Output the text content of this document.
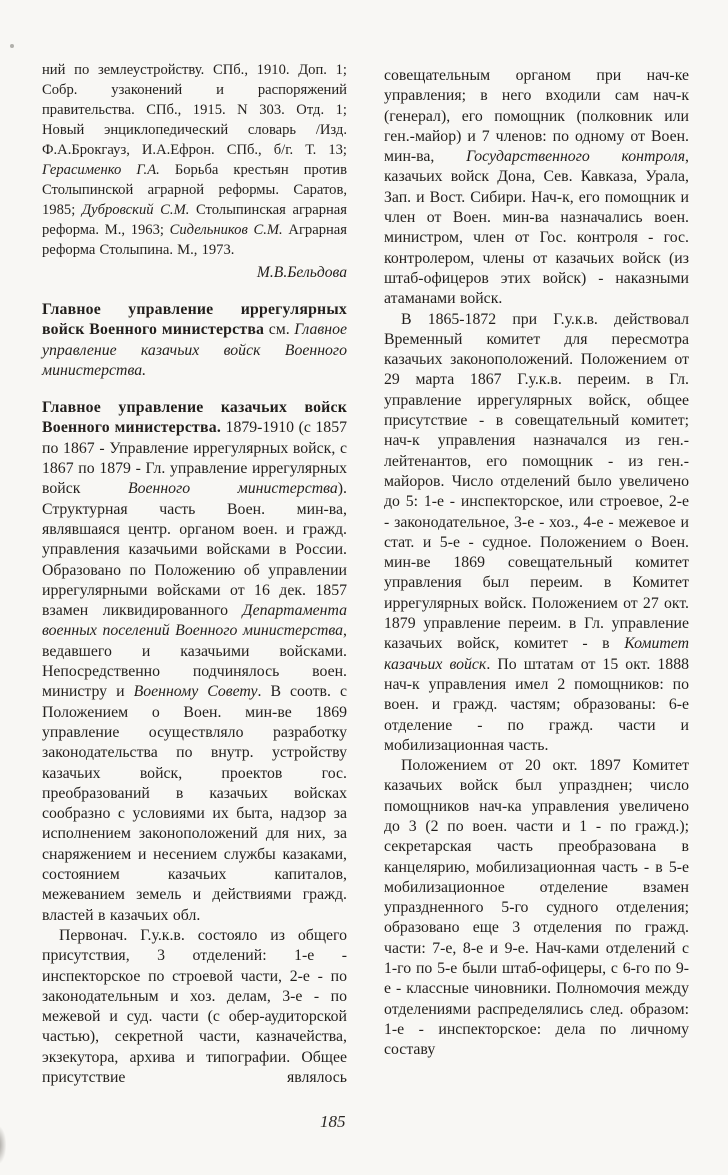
ний по землеустройству. СПб., 1910. Доп. 1; Собр. узаконений и распоряжений правительства. СПб., 1915. N 303. Отд. 1; Новый энциклопедический словарь /Изд. Ф.А.Брокгауз, И.А.Ефрон. СПб., б/г. Т. 13; Герасименко Г.А. Борьба крестьян против Столыпинской аграрной реформы. Саратов, 1985; Дубровский С.М. Столыпинская аграрная реформа. М., 1963; Сидельников С.М. Аграрная реформа Столыпина. М., 1973.

М.В.Бельдова

Главное управление иррегулярных войск Военного министерства см. Главное управление казачьих войск Военного министерства.

Главное управление казачьих войск Военного министерства. 1879-1910 (с 1857 по 1867 - Управление иррегулярных войск, с 1867 по 1879 - Гл. управление иррегулярных войск Военного министерства). Структурная часть Воен. мин-ва, являвшаяся центр. органом воен. и гражд. управления казачьими войсками в России. Образовано по Положению об управлении иррегулярными войсками от 16 дек. 1857 взамен ликвидированного Департамента военных поселений Военного министерства, ведавшего и казачьими войсками. Непосредственно подчинялось воен. министру и Военному Совету. В соотв. с Положением о Воен. мин-ве 1869 управление осуществляло разработку законодательства по внутр. устройству казачьих войск, проектов гос. преобразований в казачьих войсках сообразно с условиями их быта, надзор за исполнением законоположений для них, за снаряжением и несением службы казаками, состоянием казачьих капиталов, межеванием земель и действиями гражд. властей в казачьих обл.

Первонач. Г.у.к.в. состояло из общего присутствия, 3 отделений: 1-е - инспекторское по строевой части, 2-е - по законодательным и хоз. делам, 3-е - по межевой и суд. части (с обер-аудиторской частью), секретной части, казначейства, экзекутора, архива и типографии. Общее присутствие являлось

совещательным органом при нач-ке управления; в него входили сам нач-к (генерал), его помощник (полковник или ген.-майор) и 7 членов: по одному от Воен. мин-ва, Государственного контроля, казачьих войск Дона, Сев. Кавказа, Урала, Зап. и Вост. Сибири. Нач-к, его помощник и член от Воен. мин-ва назначались воен. министром, член от Гос. контроля - гос. контролером, члены от казачьих войск (из штаб-офицеров этих войск) - наказными атаманами войск.

В 1865-1872 при Г.у.к.в. действовал Временный комитет для пересмотра казачьих законоположений. Положением от 29 марта 1867 Г.у.к.в. переим. в Гл. управление иррегулярных войск, общее присутствие - в совещательный комитет; нач-к управления назначался из ген.-лейтенантов, его помощник - из ген.-майоров. Число отделений было увеличено до 5: 1-е - инспекторское, или строевое, 2-е - законодательное, 3-е - хоз., 4-е - межевое и стат. и 5-е - судное. Положением о Воен. мин-ве 1869 совещательный комитет управления был переим. в Комитет иррегулярных войск. Положением от 27 окт. 1879 управление переим. в Гл. управление казачьих войск, комитет - в Комитет казачьих войск. По штатам от 15 окт. 1888 нач-к управления имел 2 помощников: по воен. и гражд. частям; образованы: 6-е отделение - по гражд. части и мобилизационная часть.

Положением от 20 окт. 1897 Комитет казачьих войск был упразднен; число помощников нач-ка управления увеличено до 3 (2 по воен. части и 1 - по гражд.); секретарская часть преобразована в канцелярию, мобилизационная часть - в 5-е мобилизационное отделение взамен упраздненного 5-го судного отделения; образовано еще 3 отделения по гражд. части: 7-е, 8-е и 9-е. Нач-ками отделений с 1-го по 5-е были штаб-офицеры, с 6-го по 9-е - классные чиновники. Полномочия между отделениями распределялись след. образом: 1-е - инспекторское: дела по личному составу

185
